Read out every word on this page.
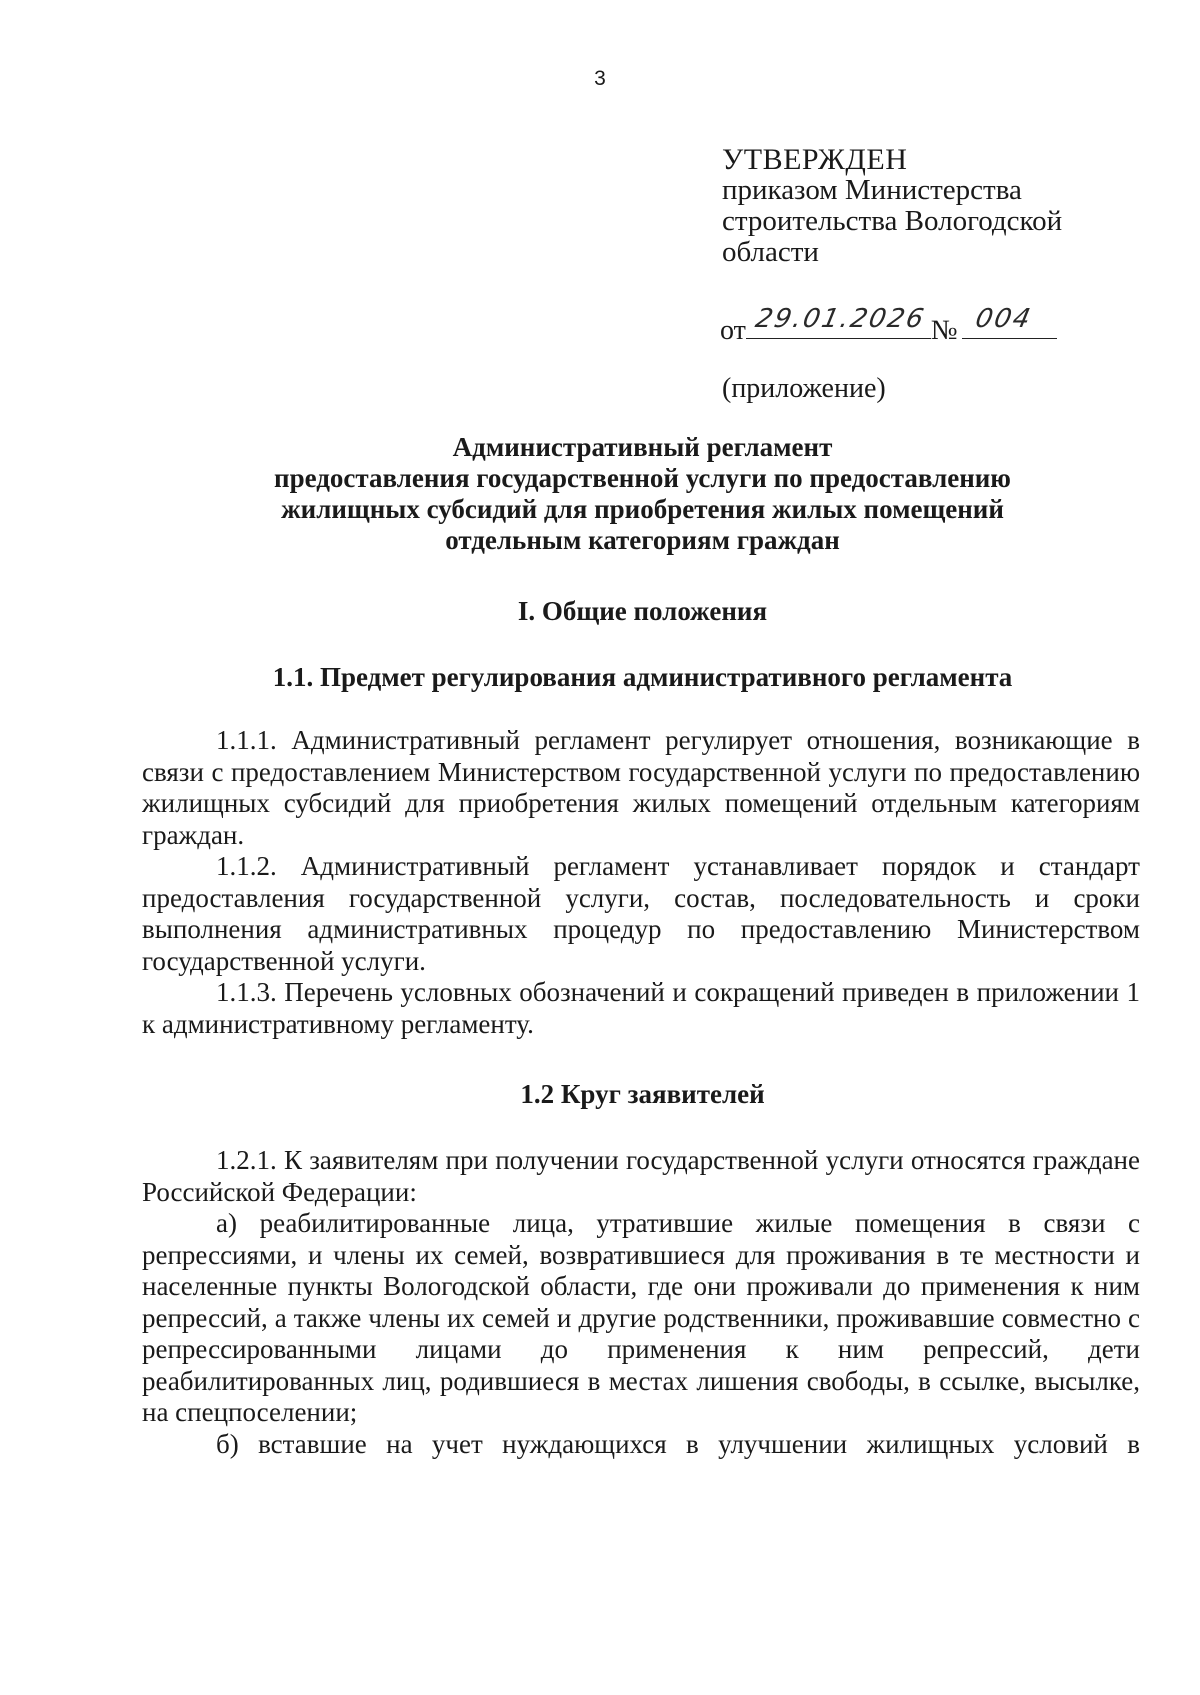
3
УТВЕРЖДЕН
приказом Министерства
строительства Вологодской
области
от 29.01.2026 № 004
(приложение)
Административный регламент
предоставления государственной услуги по предоставлению
жилищных субсидий для приобретения жилых помещений
отдельным категориям граждан
I. Общие положения
1.1. Предмет регулирования административного регламента

1.1.1. Административный регламент регулирует отношения, возникающие в связи с предоставлением Министерством государственной услуги по предоставлению жилищных субсидий для приобретения жилых помещений отдельным категориям граждан.

1.1.2. Административный регламент устанавливает порядок и стандарт предоставления государственной услуги, состав, последовательность и сроки выполнения административных процедур по предоставлению Министерством государственной услуги.

1.1.3. Перечень условных обозначений и сокращений приведен в приложении 1 к административному регламенту.

1.2 Круг заявителей

1.2.1. К заявителям при получении государственной услуги относятся граждане Российской Федерации:

а) реабилитированные лица, утратившие жилые помещения в связи с репрессиями, и члены их семей, возвратившиеся для проживания в те местности и населенные пункты Вологодской области, где они проживали до применения к ним репрессий, а также члены их семей и другие родственники, проживавшие совместно с репрессированными лицами до применения к ним репрессий, дети реабилитированных лиц, родившиеся в местах лишения свободы, в ссылке, высылке, на спецпоселении;

б) вставшие на учет нуждающихся в улучшении жилищных условий в
